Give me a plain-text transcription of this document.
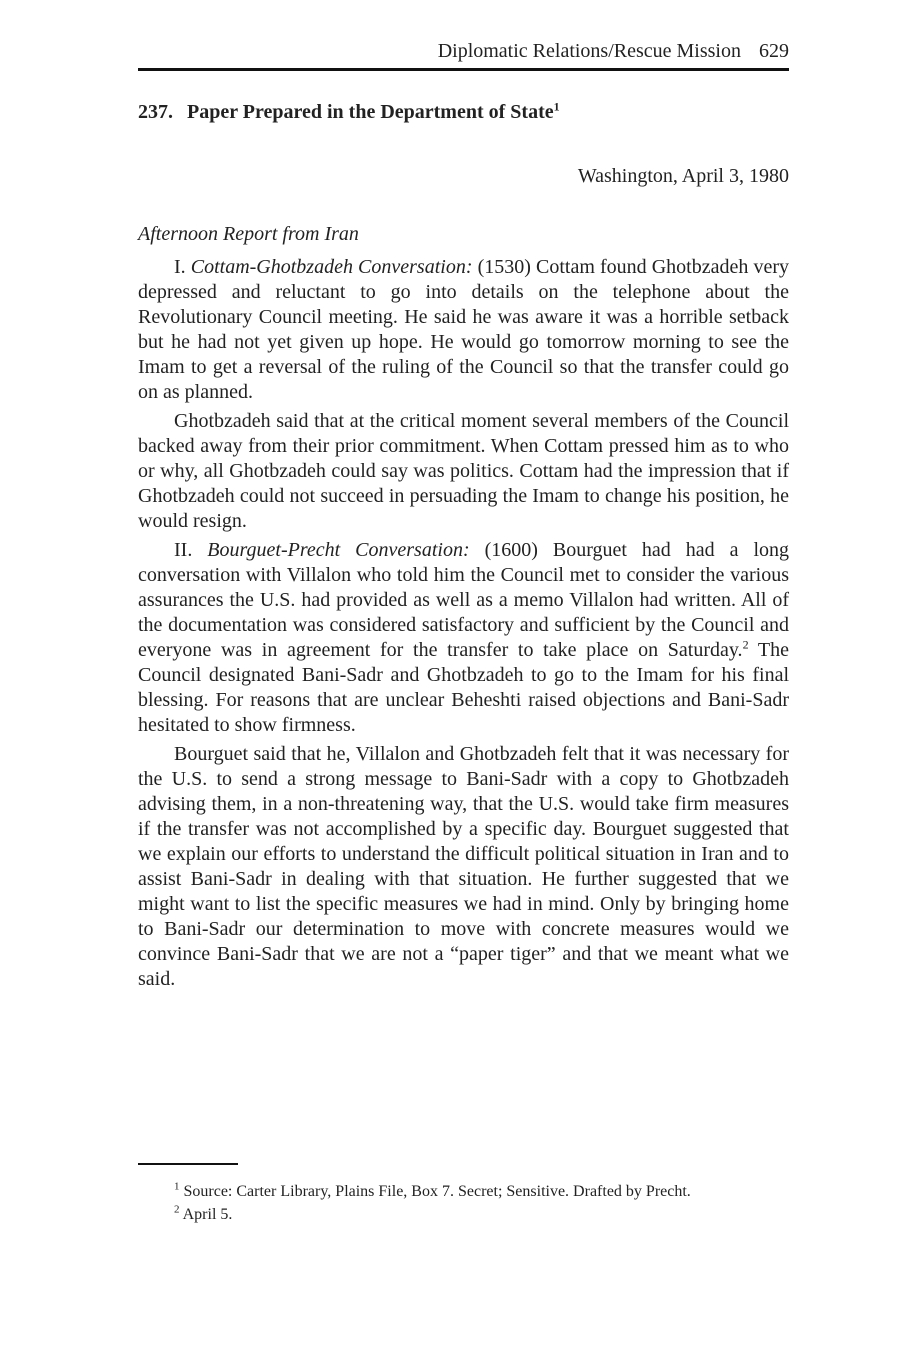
Diplomatic Relations/Rescue Mission 629
237. Paper Prepared in the Department of State$^1$
Washington, April 3, 1980
Afternoon Report from Iran

I. Cottam-Ghotbzadeh Conversation: (1530) Cottam found Ghotbzadeh very depressed and reluctant to go into details on the telephone about the Revolutionary Council meeting. He said he was aware it was a horrible setback but he had not yet given up hope. He would go tomorrow morning to see the Imam to get a reversal of the ruling of the Council so that the transfer could go on as planned.

Ghotbzadeh said that at the critical moment several members of the Council backed away from their prior commitment. When Cottam pressed him as to who or why, all Ghotbzadeh could say was politics. Cottam had the impression that if Ghotbzadeh could not succeed in persuading the Imam to change his position, he would resign.

II. Bourguet-Precht Conversation: (1600) Bourguet had had a long conversation with Villalon who told him the Council met to consider the various assurances the U.S. had provided as well as a memo Villalon had written. All of the documentation was considered satisfactory and sufficient by the Council and everyone was in agreement for the transfer to take place on Saturday.$^2$ The Council designated Bani-Sadr and Ghotbzadeh to go to the Imam for his final blessing. For reasons that are unclear Beheshti raised objections and Bani-Sadr hesitated to show firmness.

Bourguet said that he, Villalon and Ghotbzadeh felt that it was necessary for the U.S. to send a strong message to Bani-Sadr with a copy to Ghotbzadeh advising them, in a non-threatening way, that the U.S. would take firm measures if the transfer was not accomplished by a specific day. Bourguet suggested that we explain our efforts to understand the difficult political situation in Iran and to assist Bani-Sadr in dealing with that situation. He further suggested that we might want to list the specific measures we had in mind. Only by bringing home to Bani-Sadr our determination to move with concrete measures would we convince Bani-Sadr that we are not a “paper tiger” and that we meant what we said.

$^1$ Source: Carter Library, Plains File, Box 7. Secret; Sensitive. Drafted by Precht.

$^2$ April 5.
